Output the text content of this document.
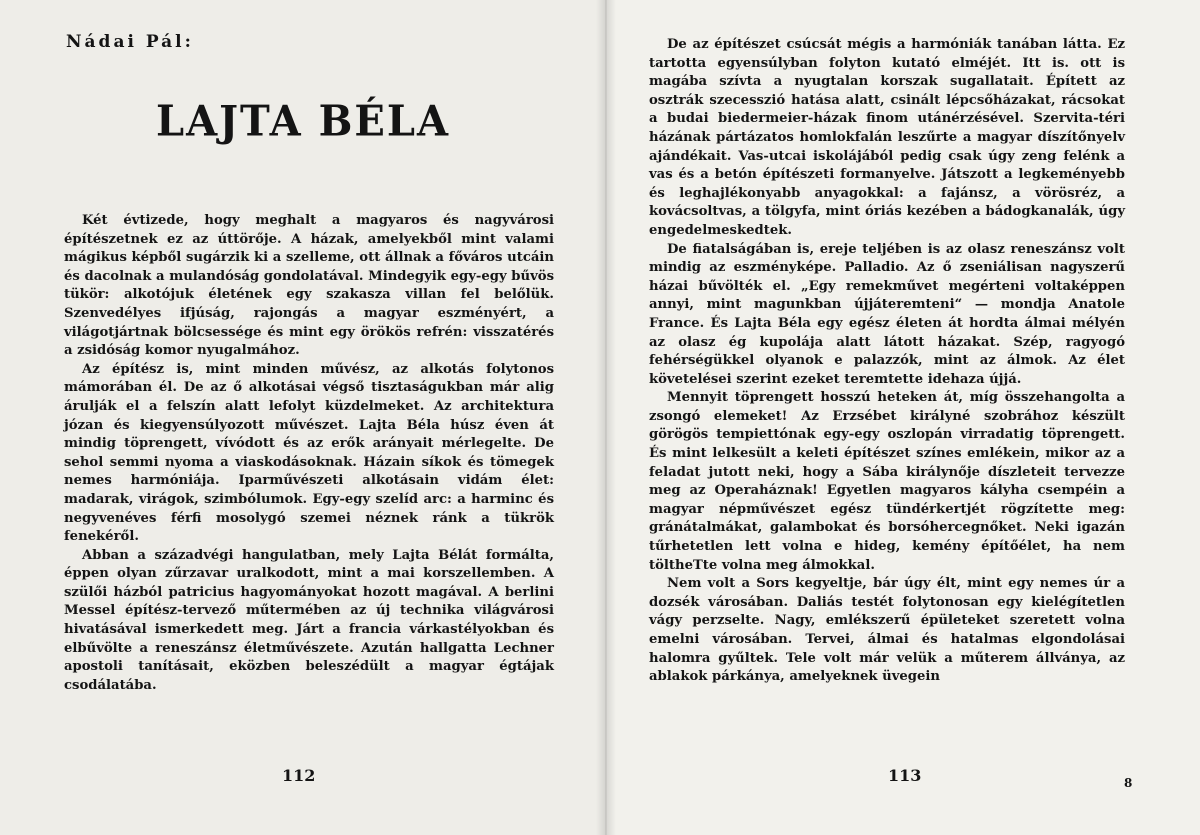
Nádai Pál:
LAJTA BÉLA

Két évtizede, hogy meghalt a magyaros és nagyvárosi építészetnek ez az úttörője. A házak, amelyekből mint valami mágikus képből sugárzik ki a szelleme, ott állnak a főváros utcáin és dacolnak a mulandóság gondolatával. Mindegyik egy-egy bűvös tükör: alkotójuk életének egy szakasza villan fel belőlük. Szenvedélyes ifjúság, rajongás a magyar eszményért, a világotjártnak bölcsessége és mint egy örökös refrén: visszatérés a zsidóság komor nyugalmához.

Az építész is, mint minden művész, az alkotás folytonos mámorában él. De az ő alkotásai végső tisztaságukban már alig árulják el a felszín alatt lefolyt küzdelmeket. Az architektura józan és kiegyensúlyozott művészet. Lajta Béla húsz éven át mindig töprengett, vívódott és az erők arányait mérlegelte. De sehol semmi nyoma a viaskodásoknak. Házain síkok és tömegek nemes harmóniája. Iparművészeti alkotásain vidám élet: madarak, virágok, szimbólumok. Egy-egy szelíd arc: a harminc és negyvenéves férfi mosolygó szemei néznek ránk a tükrök fenekéről.

Abban a századvégi hangulatban, mely Lajta Bélát formálta, éppen olyan zűrzavar uralkodott, mint a mai korszellemben. A szülői házból patricius hagyományokat hozott magával. A berlini Messel építész-tervező műtermében az új technika világvárosi hivatásával ismerkedett meg. Járt a francia várkastélyokban és elbűvölte a reneszánsz életművészete. Azután hallgatta Lechner apostoli tanításait, eközben beleszédült a magyar égtájak csodálatába.

112

De az építészet csúcsát mégis a harmóniák tanában látta. Ez tartotta egyensúlyban folyton kutató elméjét. Itt is. ott is magába szívta a nyugtalan korszak sugallatait. Épített az osztrák szecesszió hatása alatt, csinált lépcsőházakat, rácsokat a budai biedermeier-házak finom utánérzésével. Szervita-téri házának pártázatos homlokfalán leszűrte a magyar díszítőnyelv ajándékait. Vas-utcai iskolájából pedig csak úgy zeng felénk a vas és a betón építészeti formanyelve. Játszott a legkeményebb és leghajlékonyabb anyagokkal: a fajánsz, a vörösréz, a kovácsoltvas, a tölgyfa, mint óriás kezében a bádogkanalák, úgy engedelmeskedtek.

De fiatalságában is, ereje teljében is az olasz reneszánsz volt mindig az eszményképe. Palladio. Az ő zseniálisan nagyszerű házai bűvölték el. „Egy remekművet megérteni voltaképpen annyi, mint magunkban újjáteremteni“ — mondja Anatole France. És Lajta Béla egy egész életen át hordta álmai mélyén az olasz ég kupolája alatt látott házakat. Szép, ragyogó fehérségükkel olyanok e palazzók, mint az álmok. Az élet követelései szerint ezeket teremtette idehaza újjá.

Mennyit töprengett hosszú heteken át, míg összehangolta a zsongó elemeket! Az Erzsébet királyné szobrához készült görögös tempiettónak egy-egy oszlopán virradatig töprengett. És mint lelkesült a keleti építészet színes emlékein, mikor az a feladat jutott neki, hogy a Sába királynője díszleteit tervezze meg az Operaháznak! Egyetlen magyaros kályha csempéin a magyar népművészet egész tündérkertjét rögzítette meg: gránátalmákat, galambokat és borsóhercegnőket. Neki igazán tűrhetetlen lett volna e hideg, kemény építőélet, ha nem töltheTte volna meg álmokkal.

Nem volt a Sors kegyeltje, bár úgy élt, mint egy nemes úr a dozsék városában. Daliás testét folytonosan egy kielégítetlen vágy perzselte. Nagy, emlékszerű épületeket szeretett volna emelni városában. Tervei, álmai és hatalmas elgondolásai halomra gyűltek. Tele volt már velük a műterem állványa, az ablakok párkánya, amelyeknek üvegein

113	8
